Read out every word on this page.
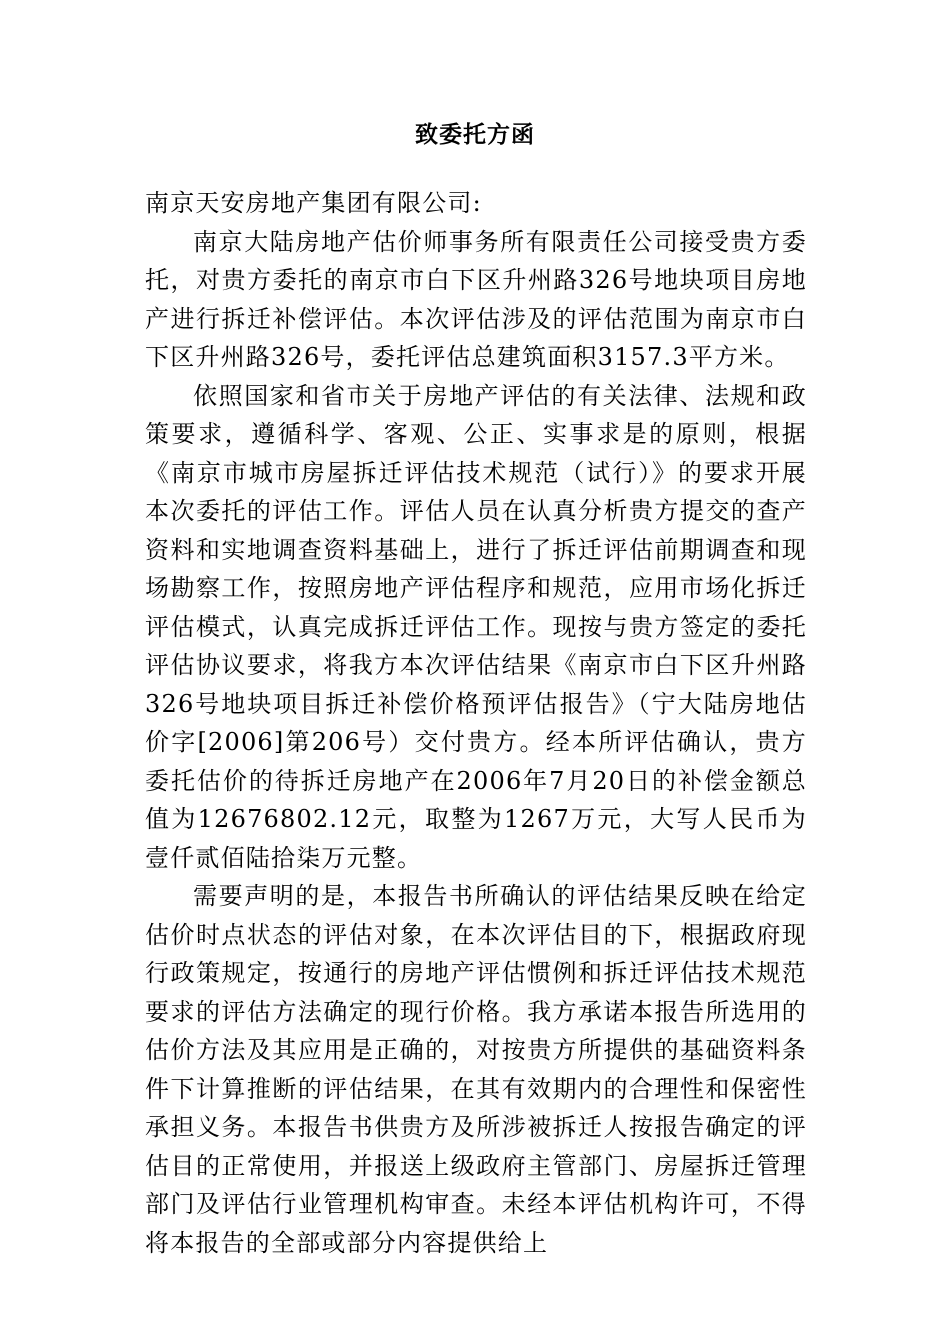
致委托方函

南京天安房地产集团有限公司:

南京大陆房地产估价师事务所有限责任公司接受贵方委托，对贵方委托的南京市白下区升州路326号地块项目房地产进行拆迁补偿评估。本次评估涉及的评估范围为南京市白下区升州路326号，委托评估总建筑面积3157.3平方米。

依照国家和省市关于房地产评估的有关法律、法规和政策要求，遵循科学、客观、公正、实事求是的原则，根据《南京市城市房屋拆迁评估技术规范（试行）》的要求开展本次委托的评估工作。评估人员在认真分析贵方提交的查产资料和实地调查资料基础上，进行了拆迁评估前期调查和现场勘察工作，按照房地产评估程序和规范，应用市场化拆迁评估模式，认真完成拆迁评估工作。现按与贵方签定的委托评估协议要求，将我方本次评估结果《南京市白下区升州路326号地块项目拆迁补偿价格预评估报告》（宁大陆房地估价字[2006]第206号）交付贵方。经本所评估确认，贵方委托估价的待拆迁房地产在2006年7月20日的补偿金额总值为12676802.12元，取整为1267万元，大写人民币为壹仟贰佰陆拾柒万元整。

需要声明的是，本报告书所确认的评估结果反映在给定估价时点状态的评估对象，在本次评估目的下，根据政府现行政策规定，按通行的房地产评估惯例和拆迁评估技术规范要求的评估方法确定的现行价格。我方承诺本报告所选用的估价方法及其应用是正确的，对按贵方所提供的基础资料条件下计算推断的评估结果，在其有效期内的合理性和保密性承担义务。本报告书供贵方及所涉被拆迁人按报告确定的评估目的正常使用，并报送上级政府主管部门、房屋拆迁管理部门及评估行业管理机构审查。未经本评估机构许可，不得将本报告的全部或部分内容提供给上
